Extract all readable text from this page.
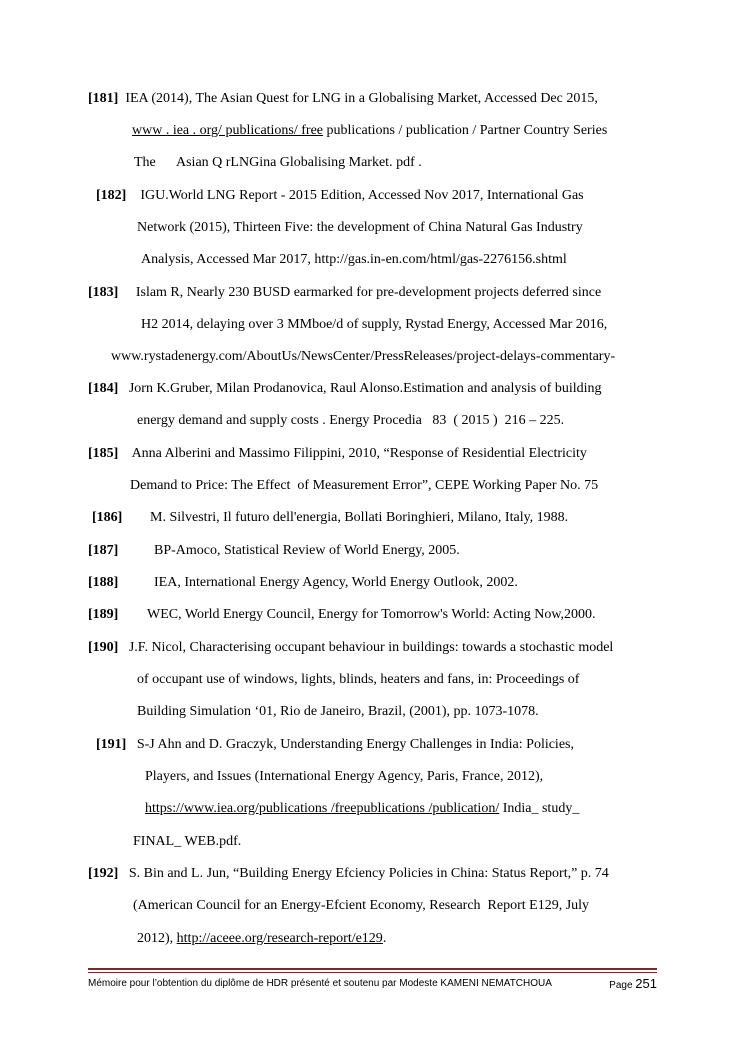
[181] IEA (2014), The Asian Quest for LNG in a Globalising Market, Accessed Dec 2015,
www . iea . org/ publications/ free publications / publication / Partner Country Series
The      Asian Q rLNGina Globalising Market. pdf .
[182] IGU.World LNG Report - 2015 Edition, Accessed Nov 2017, International Gas
Network (2015), Thirteen Five: the development of China Natural Gas Industry
Analysis, Accessed Mar 2017, http://gas.in-en.com/html/gas-2276156.shtml
[183] Islam R, Nearly 230 BUSD earmarked for pre-development projects deferred since
H2 2014, delaying over 3 MMboe/d of supply, Rystad Energy, Accessed Mar 2016,
www.rystadenergy.com/AboutUs/NewsCenter/PressReleases/project-delays-commentary-
[184] Jorn K.Gruber, Milan Prodanovica, Raul Alonso.Estimation and analysis of building
energy demand and supply costs . Energy Procedia   83  ( 2015 )  216 – 225.
[185] Anna Alberini and Massimo Filippini, 2010, “Response of Residential Electricity
Demand to Price: The Effect  of Measurement Error”, CEPE Working Paper No. 75
[186] M. Silvestri, Il futuro dell'energia, Bollati Boringhieri, Milano, Italy, 1988.
[187]	BP-Amoco, Statistical Review of World Energy, 2005.
[188]	IEA, International Energy Agency, World Energy Outlook, 2002.
[189] WEC, World Energy Council, Energy for Tomorrow's World: Acting Now,2000.
[190] J.F. Nicol, Characterising occupant behaviour in buildings: towards a stochastic model
of occupant use of windows, lights, blinds, heaters and fans, in: Proceedings of
Building Simulation ‘01, Rio de Janeiro, Brazil, (2001), pp. 1073-1078.
[191] S-J Ahn and D. Graczyk, Understanding Energy Challenges in India: Policies,
Players, and Issues (International Energy Agency, Paris, France, 2012),
https://www.iea.org/publications /freepublications /publication/ India_ study_
FINAL_ WEB.pdf.
[192] S. Bin and L. Jun, “Building Energy Efciency Policies in China: Status Report,” p. 74
(American Council for an Energy-Efcient Economy, Research  Report E129, July
2012), http://aceee.org/research-report/e129.
Mémoire pour l’obtention du diplôme de HDR présenté et soutenu par Modeste KAMENI NEMATCHOUA	Page 251
